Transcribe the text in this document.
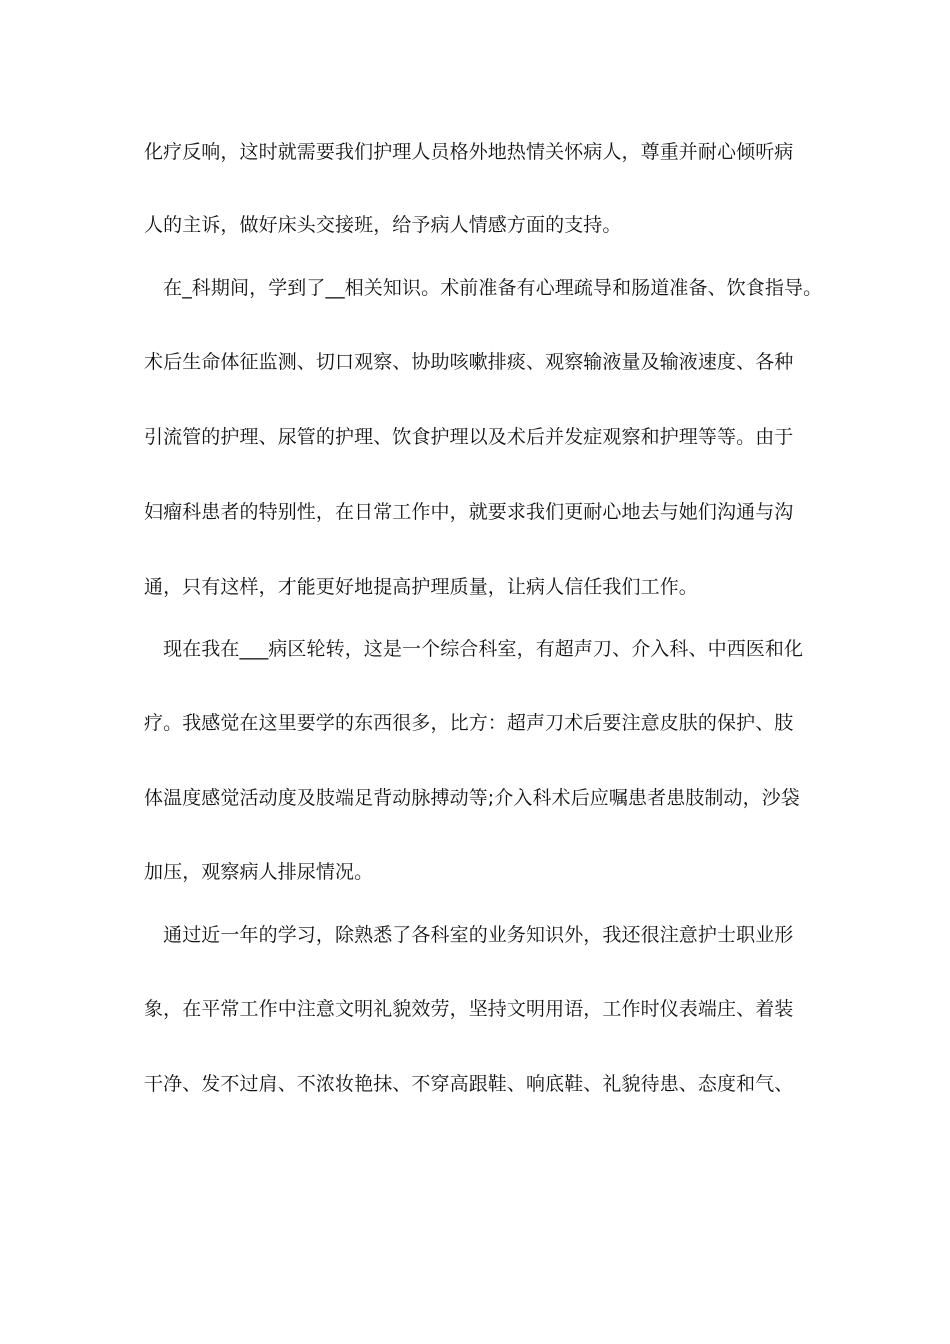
化疗反响，这时就需要我们护理人员格外地热情关怀病人，尊重并耐心倾听病
人的主诉，做好床头交接班，给予病人情感方面的支持。
　在_科期间，学到了__相关知识。术前准备有心理疏导和肠道准备、饮食指导。
术后生命体征监测、切口观察、协助咳嗽排痰、观察输液量及输液速度、各种
引流管的护理、尿管的护理、饮食护理以及术后并发症观察和护理等等。由于
妇瘤科患者的特别性，在日常工作中，就要求我们更耐心地去与她们沟通与沟
通，只有这样，才能更好地提高护理质量，让病人信任我们工作。
　现在我在___病区轮转，这是一个综合科室，有超声刀、介入科、中西医和化
疗。我感觉在这里要学的东西很多，比方：超声刀术后要注意皮肤的保护、肢
体温度感觉活动度及肢端足背动脉搏动等;介入科术后应嘱患者患肢制动，沙袋
加压，观察病人排尿情况。
　通过近一年的学习，除熟悉了各科室的业务知识外，我还很注意护士职业形
象，在平常工作中注意文明礼貌效劳，坚持文明用语，工作时仪表端庄、着装
干净、发不过肩、不浓妆艳抹、不穿高跟鞋、响底鞋、礼貌待患、态度和气、
